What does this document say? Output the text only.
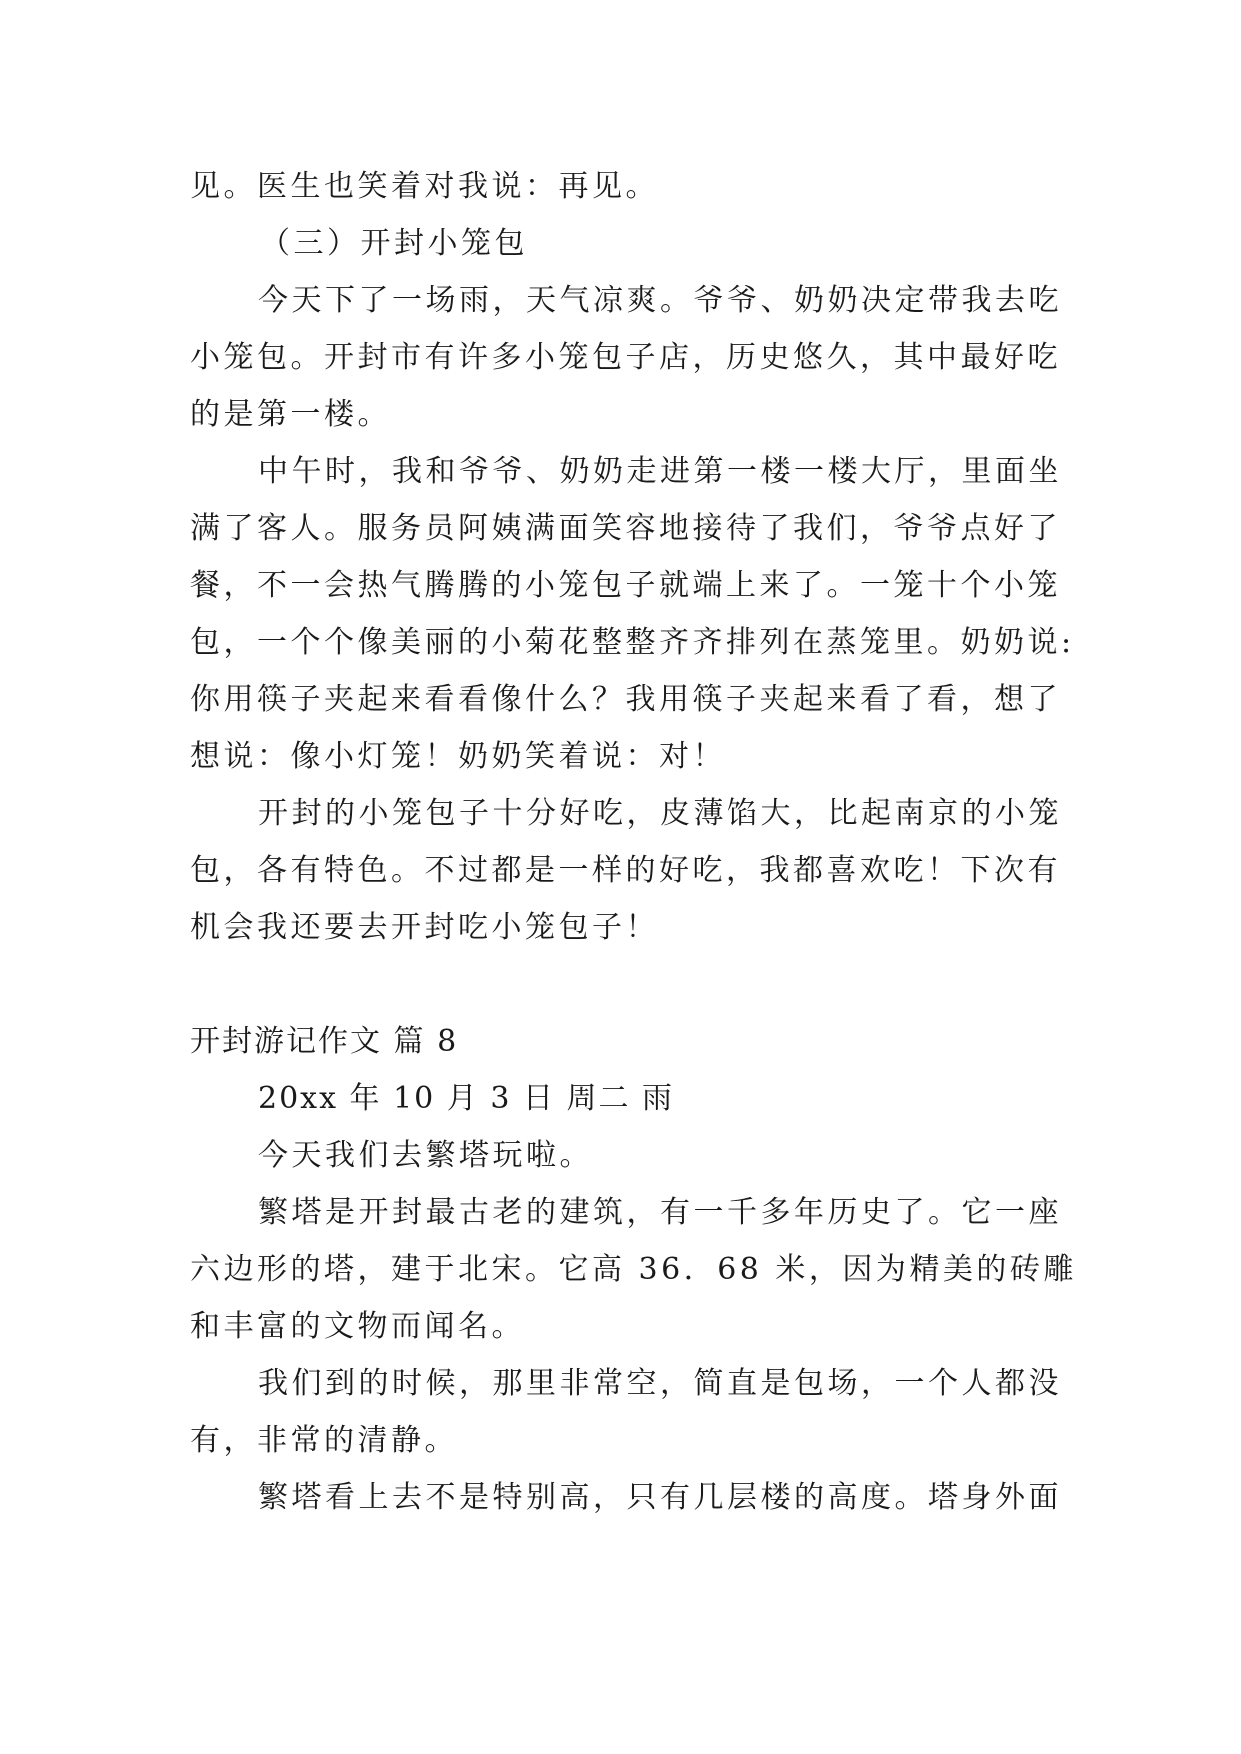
见。医生也笑着对我说：再见。
（三）开封小笼包
今天下了一场雨，天气凉爽。爷爷、奶奶决定带我去吃
小笼包。开封市有许多小笼包子店，历史悠久，其中最好吃
的是第一楼。
中午时，我和爷爷、奶奶走进第一楼一楼大厅，里面坐
满了客人。服务员阿姨满面笑容地接待了我们，爷爷点好了
餐，不一会热气腾腾的小笼包子就端上来了。一笼十个小笼
包，一个个像美丽的小菊花整整齐齐排列在蒸笼里。奶奶说:
你用筷子夹起来看看像什么？我用筷子夹起来看了看，想了
想说：像小灯笼！奶奶笑着说：对！
开封的小笼包子十分好吃，皮薄馅大，比起南京的小笼
包，各有特色。不过都是一样的好吃，我都喜欢吃！下次有
机会我还要去开封吃小笼包子！
开封游记作文 篇 8
20xx 年 10 月 3 日 周二 雨
今天我们去繁塔玩啦。
繁塔是开封最古老的建筑，有一千多年历史了。它一座
六边形的塔，建于北宋。它高 36．68 米，因为精美的砖雕
和丰富的文物而闻名。
我们到的时候，那里非常空，简直是包场，一个人都没
有，非常的清静。
繁塔看上去不是特别高，只有几层楼的高度。塔身外面
